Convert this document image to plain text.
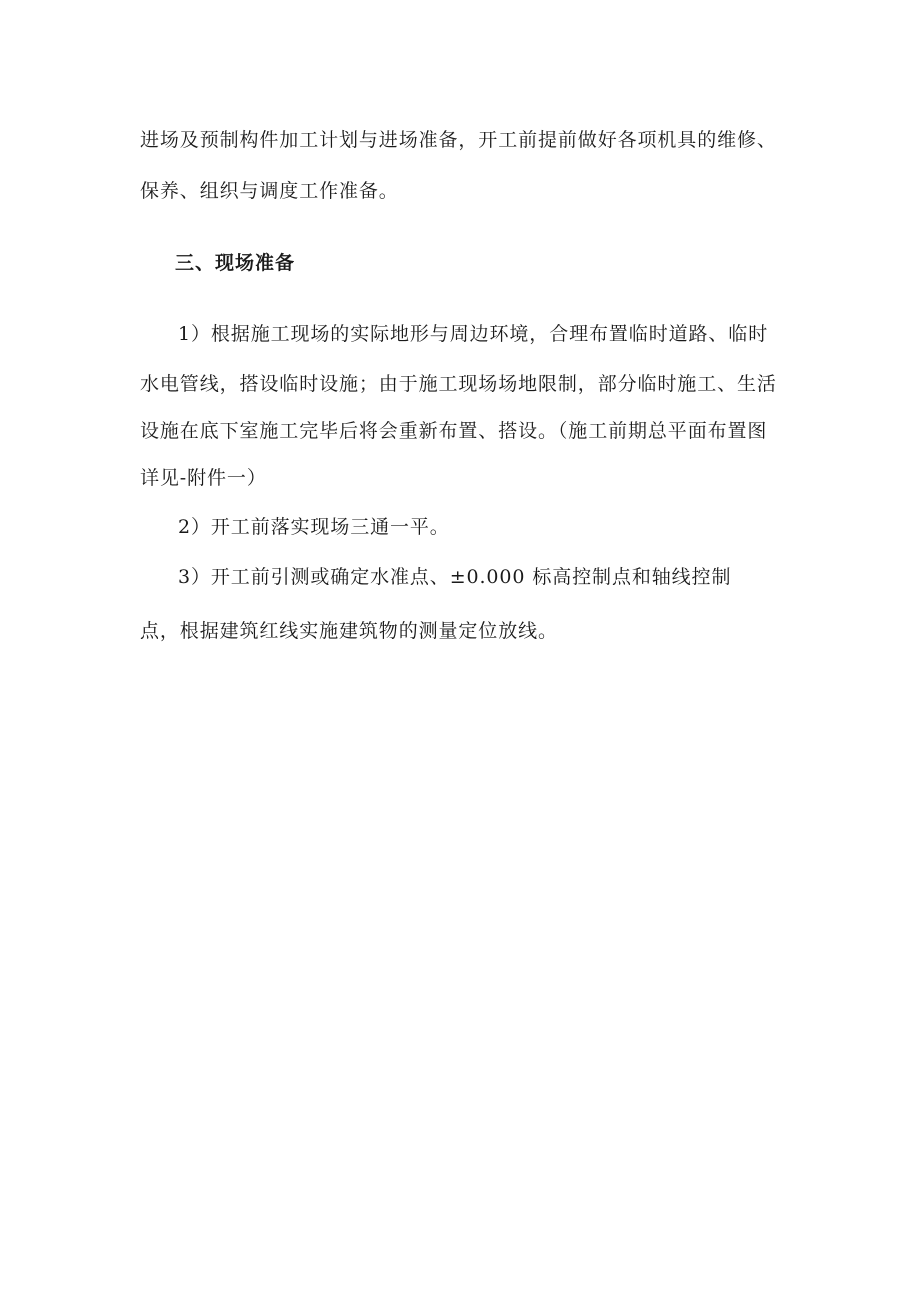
进场及预制构件加工计划与进场准备，开工前提前做好各项机具的维修、
保养、组织与调度工作准备。
三、现场准备
1）根据施工现场的实际地形与周边环境，合理布置临时道路、临时
水电管线，搭设临时设施；由于施工现场场地限制，部分临时施工、生活
设施在底下室施工完毕后将会重新布置、搭设。（施工前期总平面布置图
详见-附件一）
2）开工前落实现场三通一平。
3）开工前引测或确定水准点、±0.000 标高控制点和轴线控制
点，根据建筑红线实施建筑物的测量定位放线。
